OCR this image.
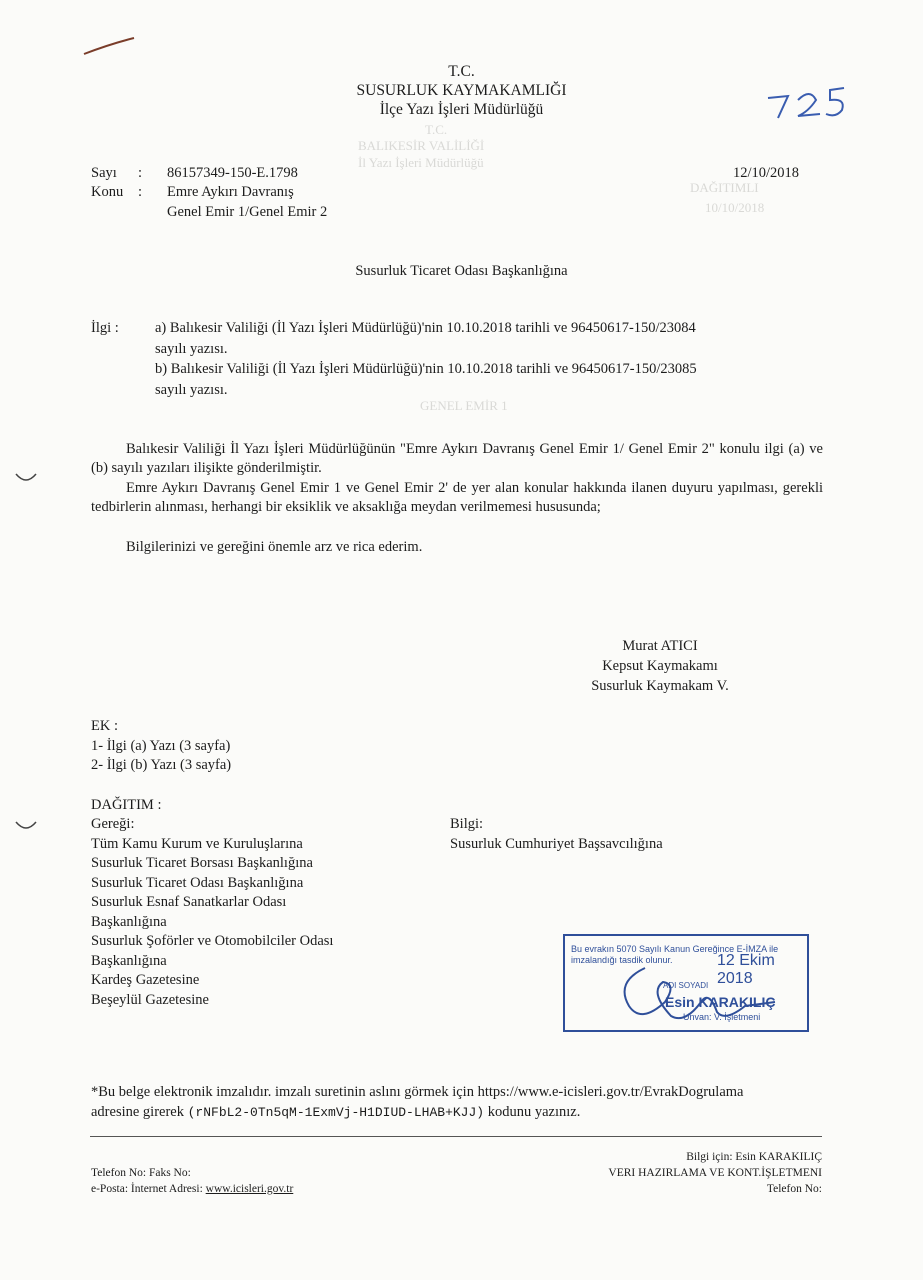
T.C.
BALIKESİR VALİLİĞİ
İl Yazı İşleri Müdürlüğü
DAĞITIMLI
10/10/2018
GENEL EMİR 1
T.C.
SUSURLUK KAYMAKAMLIĞI
İlçe Yazı İşleri Müdürlüğü
Sayı : 86157349-150-E.1798	12/10/2018
Konu : Emre Aykırı Davranış
Genel Emir 1/Genel Emir 2
Susurluk Ticaret Odası Başkanlığına
İlgi : a) Balıkesir Valiliği (İl Yazı İşleri Müdürlüğü)'nin 10.10.2018 tarihli ve 96450617-150/23084
sayılı yazısı.
b) Balıkesir Valiliği (İl Yazı İşleri Müdürlüğü)'nin 10.10.2018 tarihli ve 96450617-150/23085
sayılı yazısı.
Balıkesir Valiliği İl Yazı İşleri Müdürlüğünün "Emre Aykırı Davranış Genel Emir 1/ Genel Emir 2" konulu ilgi (a) ve (b) sayılı yazıları ilişikte gönderilmiştir.
Emre Aykırı Davranış Genel Emir 1 ve Genel Emir 2' de yer alan konular hakkında ilanen duyuru yapılması, gerekli tedbirlerin alınması, herhangi bir eksiklik ve aksaklığa meydan verilmemesi hususunda;
Bilgilerinizi ve gereğini önemle arz ve rica ederim.
Murat ATICI
Kepsut Kaymakamı
Susurluk Kaymakam V.
EK :
1- İlgi (a) Yazı (3 sayfa)
2- İlgi (b) Yazı (3 sayfa)
DAĞITIM :
Gereği:
Tüm Kamu Kurum ve Kuruluşlarına
Susurluk Ticaret Borsası Başkanlığına
Susurluk Ticaret Odası Başkanlığına
Susurluk Esnaf Sanatkarlar Odası
Başkanlığına
Susurluk Şoförler ve Otomobilciler Odası
Başkanlığına
Kardeş Gazetesine
Beşeylül Gazetesine
Bilgi:
Susurluk Cumhuriyet Başsavcılığına
Bu evrakın 5070 Sayılı Kanun Gereğince E-İMZA ile imzalandığı tasdik olunur.	12 Ekim 2018
ADI SOYADI
Esin KARAKILIÇ
Unvan: V. İşletmeni
*Bu belge elektronik imzalıdır. imzalı suretinin aslını görmek için https://www.e-icisleri.gov.tr/EvrakDogrulama
adresine girerek (rNFbL2-0Tn5qM-1ExmVj-H1DIUD-LHAB+KJJ) kodunu yazınız.
Telefon No: Faks No:
e-Posta: İnternet Adresi: www.icisleri.gov.tr
Bilgi için: Esin KARAKILIÇ
VERI HAZIRLAMA VE KONT.İŞLETMENI
Telefon No:
